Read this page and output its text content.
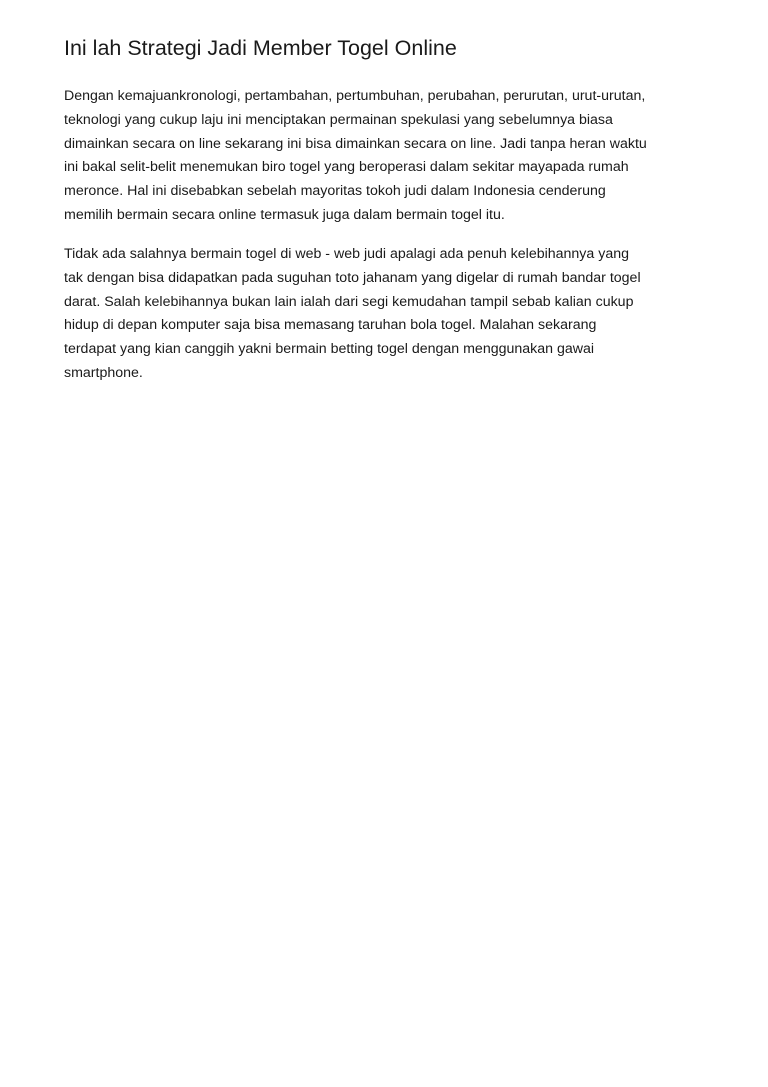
Ini lah Strategi Jadi Member Togel Online
Dengan kemajuankronologi, pertambahan, pertumbuhan, perubahan, perurutan, urut-urutan,
teknologi yang cukup laju ini menciptakan permainan spekulasi yang sebelumnya biasa
dimainkan secara on line sekarang ini bisa dimainkan secara on line. Jadi tanpa heran waktu
ini bakal selit-belit menemukan biro togel yang beroperasi dalam sekitar mayapada rumah
meronce. Hal ini disebabkan sebelah mayoritas tokoh judi dalam Indonesia cenderung
memilih bermain secara online termasuk juga dalam bermain togel itu.
Tidak ada salahnya bermain togel di web - web judi apalagi ada penuh kelebihannya yang
tak dengan bisa didapatkan pada suguhan toto jahanam yang digelar di rumah bandar togel
darat. Salah kelebihannya bukan lain ialah dari segi kemudahan tampil sebab kalian cukup
hidup di depan komputer saja bisa memasang taruhan bola togel. Malahan sekarang
terdapat yang kian canggih yakni bermain betting togel dengan menggunakan gawai
smartphone.
